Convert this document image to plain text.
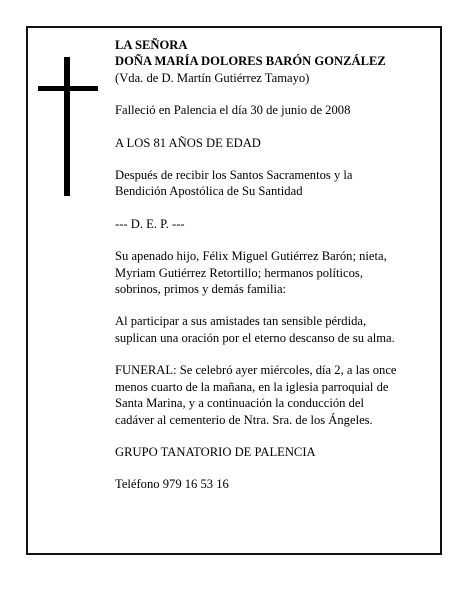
LA SEÑORA

DOÑA MARÍA DOLORES BARÓN GONZÁLEZ

(Vda. de D. Martín Gutiérrez Tamayo)

Falleció en Palencia el día 30 de junio de 2008

A LOS 81 AÑOS DE EDAD

Después de recibir los Santos Sacramentos y la

Bendición Apostólica de Su Santidad

--- D. E. P. ---

Su apenado hijo, Félix Miguel Gutiérrez Barón; nieta,

Myriam Gutiérrez Retortillo; hermanos políticos,

sobrinos, primos y demás familia:

Al participar a sus amistades tan sensible pérdida,

suplican una oración por el eterno descanso de su alma.

FUNERAL: Se celebró ayer miércoles, día 2, a las once

menos cuarto de la mañana, en la iglesia parroquial de

Santa Marina, y a continuación la conducción del

cadáver al cementerio de Ntra. Sra. de los Ángeles.

GRUPO TANATORIO DE PALENCIA

Teléfono 979 16 53 16
